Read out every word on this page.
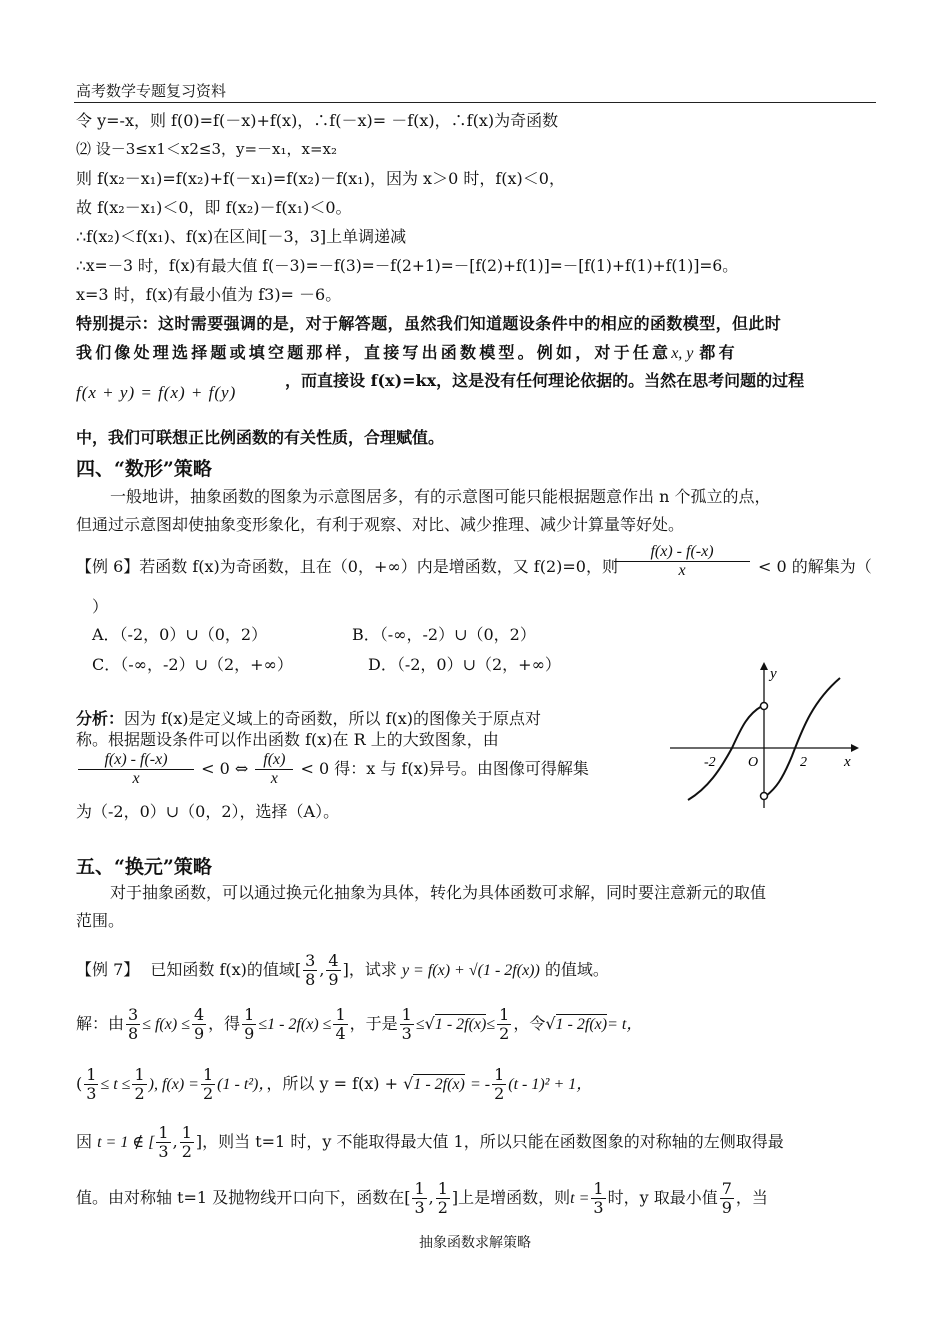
高考数学专题复习资料
令 y=-x，则 f(0)=f(－x)+f(x)，∴f(－x)= －f(x)，∴f(x)为奇函数
⑵ 设－3≤x1＜x2≤3，y=－x₁，x=x₂
则 f(x₂－x₁)=f(x₂)+f(－x₁)=f(x₂)－f(x₁)，因为 x＞0 时，f(x)＜0，
故 f(x₂－x₁)＜0，即 f(x₂)－f(x₁)＜0。
∴f(x₂)＜f(x₁)、f(x)在区间[－3，3]上单调递减
∴x=－3 时，f(x)有最大值 f(－3)=－f(3)=－f(2+1)=－[f(2)+f(1)]=－[f(1)+f(1)+f(1)]=6。
x=3 时，f(x)有最小值为 f3)= －6。
特别提示：这时需要强调的是，对于解答题，虽然我们知道题设条件中的相应的函数模型，但此时
我们像处理选择题或填空题那样，直接写出函数模型。例如，对于任意x, y 都有
f(x + y) = f(x) + f(y)
，而直接设 f(x)=kx，这是没有任何理论依据的。当然在思考问题的过程
中，我们可联想正比例函数的有关性质，合理赋值。
四、“数形”策略
一般地讲，抽象函数的图象为示意图居多，有的示意图可能只能根据题意作出 n 个孤立的点，
但通过示意图却使抽象变形象化，有利于观察、对比、减少推理、减少计算量等好处。
【例 6】若函数 f(x)为奇函数，且在（0，+∞）内是增函数，又 f(2)=0，则
$\frac{f(x) - f(-x)}{x} < 0$ 的解集为（
）
A．（-2，0）∪（0，2）	B．（-∞，-2）∪（0，2）
C．（-∞，-2）∪（2，+∞）	D．（-2，0）∪（2，+∞）	y
x
O
-2	2
分析：因为 f(x)是定义域上的奇函数，所以 f(x)的图像关于原点对
称。根据题设条件可以作出函数 f(x)在 R 上的大致图象，由
$\frac{f(x) - f(-x)}{x} < 0$ ⇔ $\frac{f(x)}{x} < 0$ 得：x 与 f(x)异号。由图像可得解集
为（-2，0）∪（0，2），选择（A）。
五、“换元”策略
对于抽象函数，可以通过换元化抽象为具体，转化为具体函数可求解，同时要注意新元的取值
范围。
【例 7】 已知函数 f(x)的值域[ $\frac{3}{8}$ , $\frac{4}{9}$ ]，试求 y = f(x) + √(1 - 2f(x)) 的值域。
解：由 $\frac{3}{8} \le f(x) \le \frac{4}{9}$ ，得 $\frac{1}{9} \le 1 - 2f(x) \le \frac{1}{4}$ ，于是 $\frac{1}{3} \le√1 - 2f(x)\le \frac{1}{2}$ ，令√1 - 2f(x)= t，
( $\frac{1}{3} \le t \le \frac{1}{2}$ ), $f(x) = \frac{1}{2} (1 - t^2)$，，所以 y = f(x) + √1 - 2f(x) = - $\frac{1}{2} (t - 1)^2 + 1$，
因 t = 1 ∉ [ $\frac{1}{3}$ , $\frac{1}{2}$ ]，则当 t=1 时，y 不能取得最大值 1，所以只能在函数图象的对称轴的左侧取得最
值。由对称轴 t=1 及抛物线开口向下，函数在[ $\frac{1}{3}$ , $\frac{1}{2}$ ]上是增函数，则$t = \frac{1}{3}$ 时，y 取最小值 $\frac{7}{9}$ ，当
抽象函数求解策略
